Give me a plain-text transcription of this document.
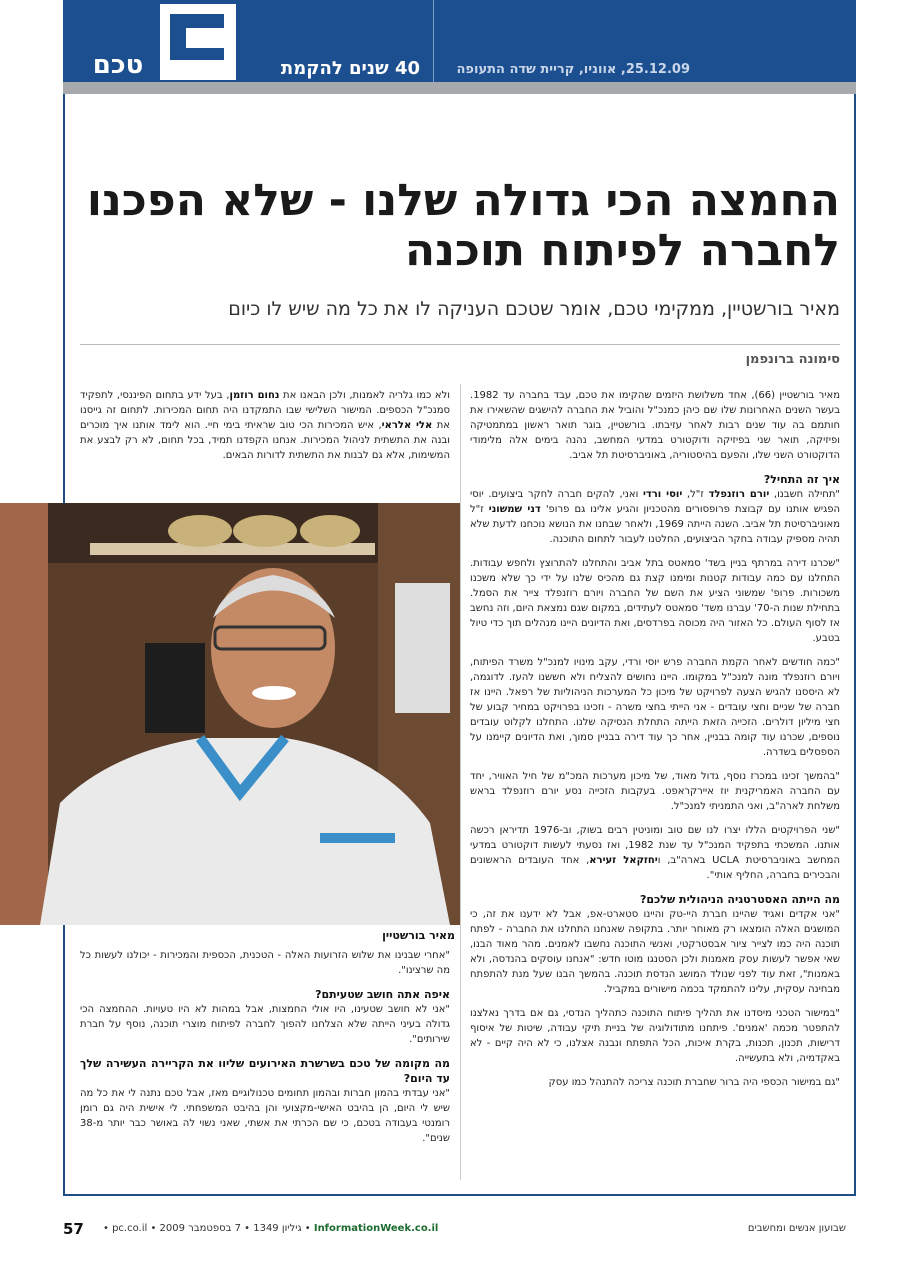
25.12.09, אווניו, קריית שדה התעופה
טכם	40 שנים להקמת
החמצה הכי גדולה שלנו - שלא הפכנו לחברה לפיתוח תוכנה
מאיר בורשטיין, ממקימי טכם, אומר שטכם העניקה לו את כל מה שיש לו כיום
סימונה ברונפמן

מאיר בורשטיין (66), אחד משלושת היזמים שהקימו את טכם, עבד בחברה עד 1982. בעשר השנים האחרונות שלו שם כיהן כמנכ"ל והוביל את החברה להישגים שהשאירו את חותמם בה עוד שנים רבות לאחר עזיבתו. בורשטיין, בוגר תואר ראשון במתמטיקה ופיזיקה, תואר שני בפיזיקה ודוקטורט במדעי המחשב, נהנה בימים אלה מלימודי הדוקטורט השני שלו, והפעם בהיסטוריה, באוניברסיטת תל אביב.

איך זה התחיל?

"תחילה חשבנו, יורם רוזנפלד ז"ל, יוסי ורדי ואני, להקים חברה לחקר ביצועים. יוסי הפגיש אותנו עם קבוצת פרופסורים מהטכניון והגיע אלינו גם פרופ' דני שמשוני ז"ל מאוניברסיטת תל אביב. השנה הייתה 1969, ולאחר שבחנו את הנושא נוכחנו לדעת שלא תהיה מספיק עבודה בחקר הביצועים, החלטנו לעבור לתחום התוכנה.

"שכרנו דירה במרתף בניין בשד' סמאטס בתל אביב והתחלנו להתרוצץ ולחפש עבודות. התחלנו עם כמה עבודות קטנות ומימנו קצת גם מהכיס שלנו על ידי כך שלא משכנו משכורות. פרופ' שמשוני הציע את השם של החברה ויורם רוזנפלד צייר את הסמל. בתחילת שנות ה-70' עברנו משד' סמאטס לעתידים, במקום שגם נמצאת היום, וזה נחשב אז לסוף העולם. כל האזור היה מכוסה בפרדסים, ואת הדיונים היינו מנהלים תוך כדי טיול בטבע.

"כמה חודשים לאחר הקמת החברה פרש יוסי ורדי, עקב מינויו למנכ"ל משרד הפיתוח, ויורם רוזנפלד מונה למנכ"ל במקומו. היינו נחושים להצליח ולא חששנו להעז. לדוגמה, לא היססנו להגיש הצעה לפרויקט של מיכון כל המערכות הניהוליות של רפאל. היינו אז חברה של שניים וחצי עובדים - אני הייתי בחצי משרה - וזכינו בפרויקט במחיר קבוע של חצי מיליון דולרים. הזכייה הזאת הייתה התחלת הנסיקה שלנו. התחלנו לקלוט עובדים נוספים, שכרנו עוד קומה בבניין, אחר כך עוד דירה בבניין סמוך, ואת הדיונים קיימנו על הספסלים בשדרה.

"בהמשך זכינו במכרז נוסף, גדול מאוד, של מיכון מערכות המכ"מ של חיל האוויר, יחד עם החברה האמריקנית יוז איירקראפט. בעקבות הזכייה נסע יורם רוזנפלד בראש משלחת לארה"ב, ואני התמניתי למנכ"ל.

"שני הפרויקטים הללו יצרו לנו שם טוב ומוניטין רבים בשוק, וב-1976 תדיראן רכשה אותנו. המשכתי בתפקיד המנכ"ל עד שנת 1982, ואז נסעתי לעשות דוקטורט במדעי המחשב באוניברסיטת UCLA בארה"ב, ויחזקאל זעירא, אחד העובדים הראשונים והבכירים בחברה, החליף אותי".

מה הייתה האסטרטגיה הניהולית שלכם?

"אני אקדים ואגיד שהיינו חברת היי-טק והיינו סטארט-אפ, אבל לא ידענו את זה, כי המושגים האלה הומצאו רק מאוחר יותר. בתקופה שאנחנו התחלנו את החברה - לפתח תוכנה היה כמו לצייר ציור אבסטרקטי, ואנשי התוכנה נחשבו לאמנים. מהר מאוד הבנו, שאי אפשר לעשות עסק מאמנות ולכן הסטנגו מוטו חדש: "אנחנו עוסקים בהנדסה, ולא באמנות", זאת עוד לפני שנולד המושג הנדסת תוכנה. בהמשך הבנו שעל מנת להתפתח מבחינה עסקית, עלינו להתמקד בכמה מישורים במקביל.

"במישור הטכני מיסדנו את תהליך פיתוח התוכנה כתהליך הנדסי, גם אם בדרך נאלצנו להתפטר מכמה 'אמנים'. פיתחנו מתודולוגיה של בניית תיקי עבודה, שיטות של איסוף דרישות, תכנון, תכנות, בקרת איכות, הכל התפתח ונבנה אצלנו, כי לא היה קיים - לא באקדמיה, ולא בתעשייה.

"גם במישור הכספי היה ברור שחברת תוכנה צריכה להתנהל כמו עסק

ולא כמו גלריה לאמנות, ולכן הבאנו את נחום רוזמן, בעל ידע בתחום הפיננסי, לתפקיד סמנכ"ל הכספים. המישור השלישי שבו התמקדנו היה תחום המכירות. לתחום זה גייסנו את אלי אלראי, איש המכירות הכי טוב שראיתי בימי חיי. הוא לימד אותנו איך מוכרים ובנה את התשתית לניהול המכירות. אנחנו הקפדנו תמיד, בכל תחום, לא רק לבצע את המשימות, אלא גם לבנות את התשתית לדורות הבאים.

מאיר בורשטיין

"אחרי שבנינו את שלוש הזרועות האלה - הטכנית, הכספית והמכירות - יכולנו לעשות כל מה שרצינו".

איפה אתה חושב שטעיתם?

"אני לא חושב שטעינו, היו אולי החמצות, אבל במהות לא היו טעויות. ההחמצה הכי גדולה בעיני הייתה שלא הצלחנו להפוך לחברה לפיתוח מוצרי תוכנה, נוסף על חברת שירותים".

מה מקומה של טכם בשרשרת האירועים שליוו את הקריירה העשירה שלך עד היום?

"אני עבדתי בהמון חברות ובהמון תחומים טכנולוגיים מאז, אבל טכם נתנה לי את כל מה שיש לי היום, הן בהיבט האישי-מקצועי והן בהיבט המשפחתי. לי אישית היה גם רומן רומנטי בעבודה בטכם, כי שם הכרתי את אשתי, שאני נשוי לה באושר כבר יותר מ-38 שנים".

57 • pc.co.il • גיליון 1349 • 7 בספטמבר 2009 • InformationWeek.co.il	שבועון אנשים ומחשבים
